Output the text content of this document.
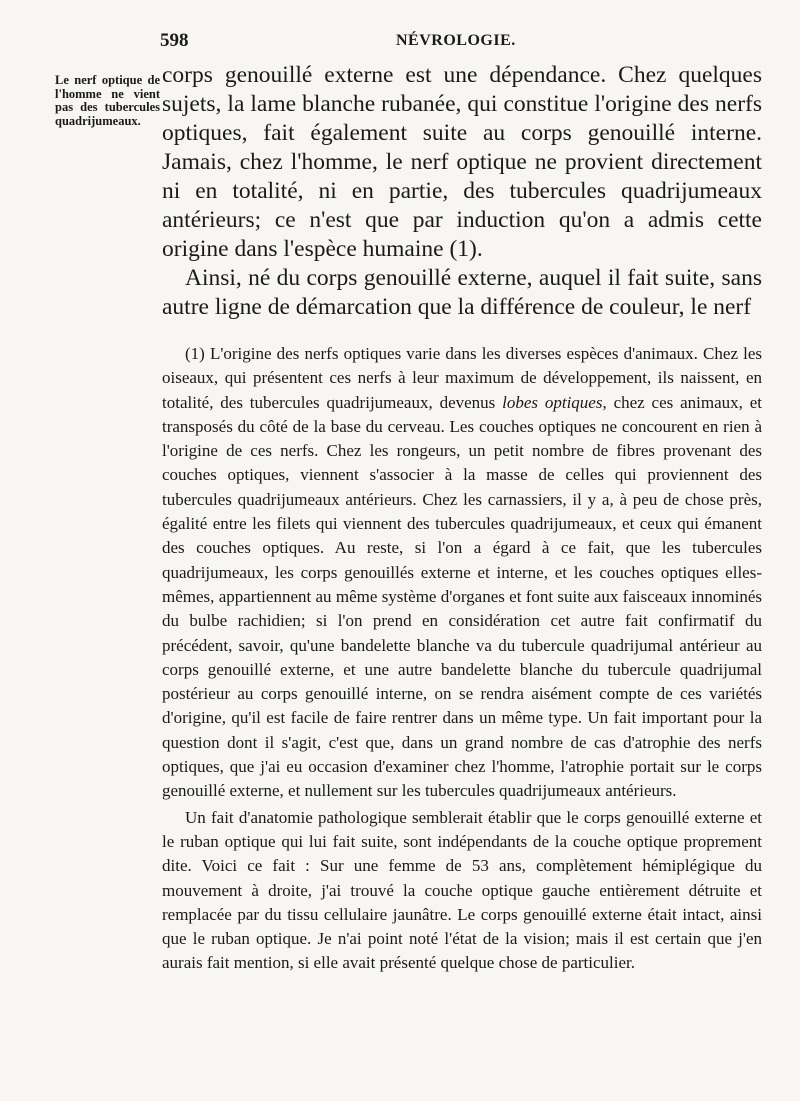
598	NÉVROLOGIE.
Le nerf optique de l'homme ne vient pas des tubercules quadrijumeaux.

corps genouillé externe est une dépendance. Chez quelques sujets, la lame blanche rubanée, qui constitue l'origine des nerfs optiques, fait également suite au corps genouillé interne. Jamais, chez l'homme, le nerf optique ne provient directement ni en totalité, ni en partie, des tubercules quadrijumeaux antérieurs; ce n'est que par induction qu'on a admis cette origine dans l'espèce humaine (1).

Ainsi, né du corps genouillé externe, auquel il fait suite, sans autre ligne de démarcation que la différence de couleur, le nerf

(1) L'origine des nerfs optiques varie dans les diverses espèces d'animaux. Chez les oiseaux, qui présentent ces nerfs à leur maximum de développement, ils naissent, en totalité, des tubercules quadrijumeaux, devenus lobes optiques, chez ces animaux, et transposés du côté de la base du cerveau. Les couches optiques ne concourent en rien à l'origine de ces nerfs. Chez les rongeurs, un petit nombre de fibres provenant des couches optiques, viennent s'associer à la masse de celles qui proviennent des tubercules quadrijumeaux antérieurs. Chez les carnassiers, il y a, à peu de chose près, égalité entre les filets qui viennent des tubercules quadrijumeaux, et ceux qui émanent des couches optiques. Au reste, si l'on a égard à ce fait, que les tubercules quadrijumeaux, les corps genouillés externe et interne, et les couches optiques elles-mêmes, appartiennent au même système d'organes et font suite aux faisceaux innominés du bulbe rachidien; si l'on prend en considération cet autre fait confirmatif du précédent, savoir, qu'une bandelette blanche va du tubercule quadrijumal antérieur au corps genouillé externe, et une autre bandelette blanche du tubercule quadrijumal postérieur au corps genouillé interne, on se rendra aisément compte de ces variétés d'origine, qu'il est facile de faire rentrer dans un même type. Un fait important pour la question dont il s'agit, c'est que, dans un grand nombre de cas d'atrophie des nerfs optiques, que j'ai eu occasion d'examiner chez l'homme, l'atrophie portait sur le corps genouillé externe, et nullement sur les tubercules quadrijumeaux antérieurs.

Un fait d'anatomie pathologique semblerait établir que le corps genouillé externe et le ruban optique qui lui fait suite, sont indépendants de la couche optique proprement dite. Voici ce fait : Sur une femme de 53 ans, complètement hémiplégique du mouvement à droite, j'ai trouvé la couche optique gauche entièrement détruite et remplacée par du tissu cellulaire jaunâtre. Le corps genouillé externe était intact, ainsi que le ruban optique. Je n'ai point noté l'état de la vision; mais il est certain que j'en aurais fait mention, si elle avait présenté quelque chose de particulier.
